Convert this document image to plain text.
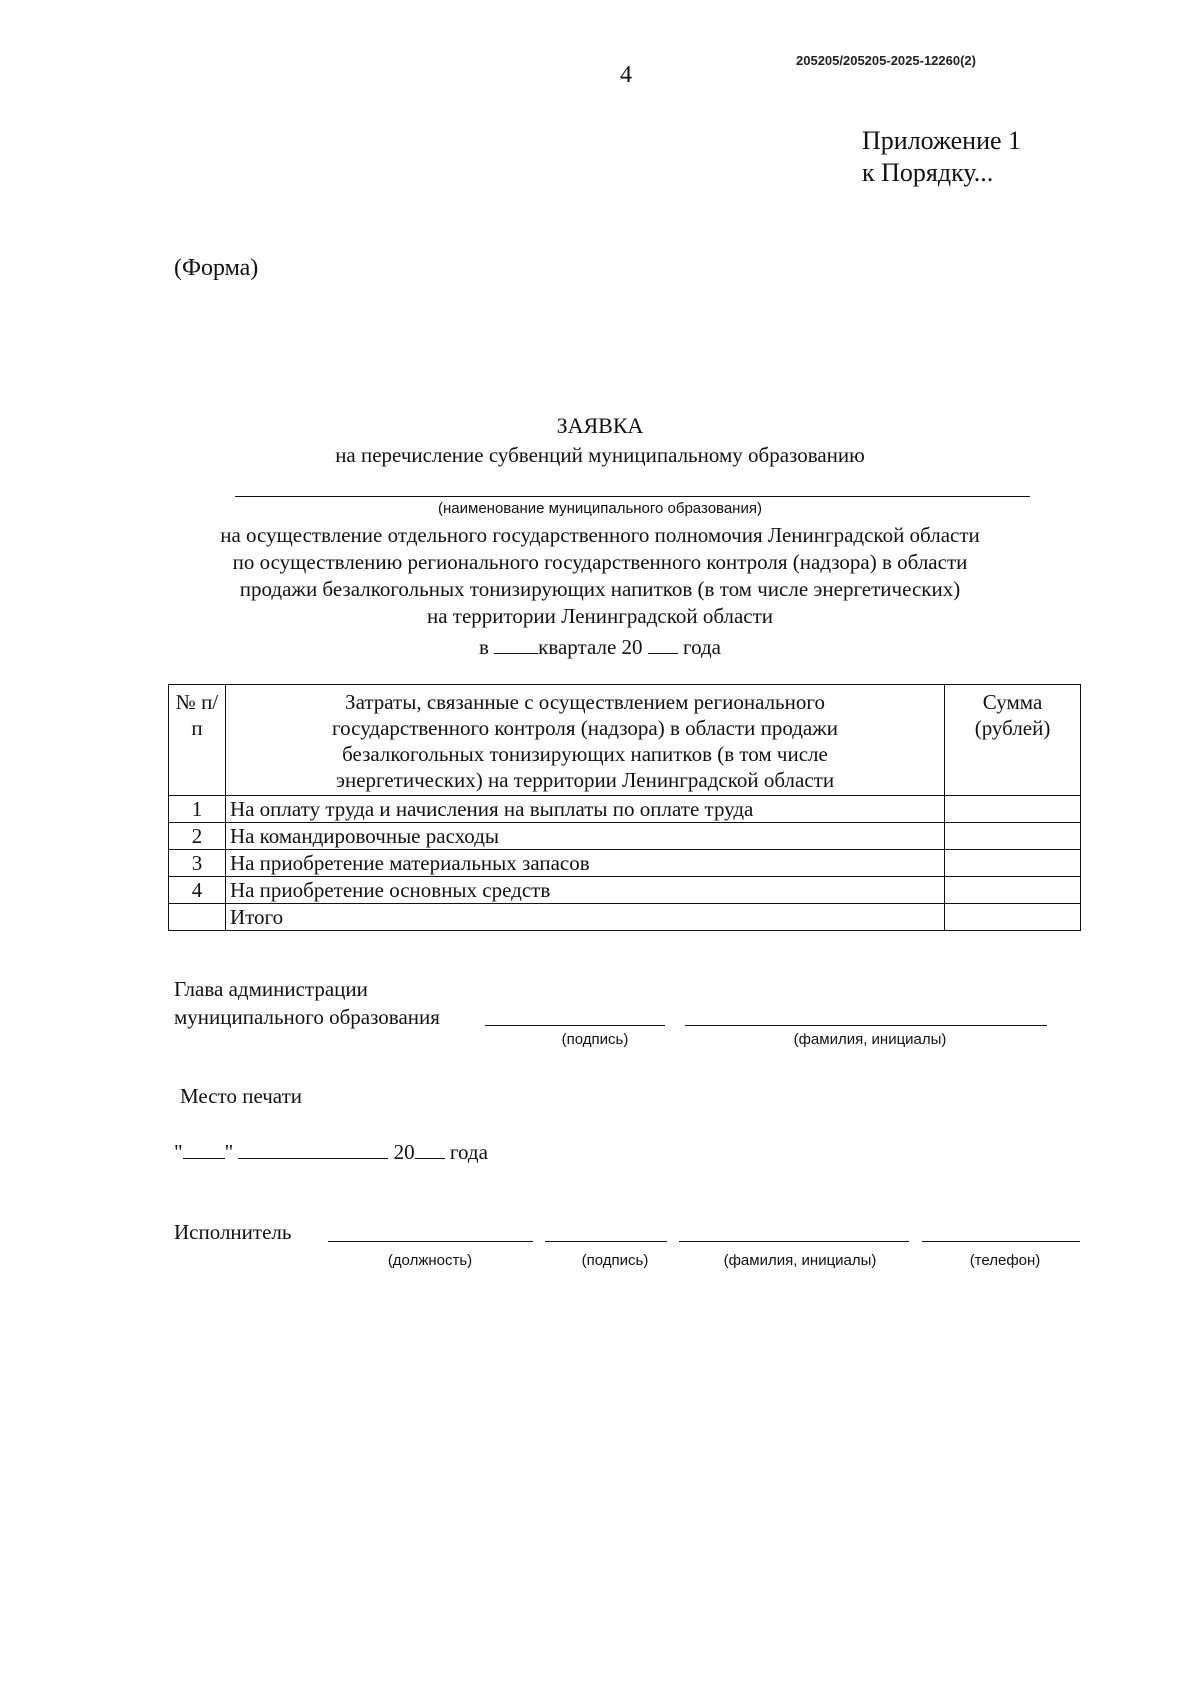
205205/205205-2025-12260(2)
4
Приложение 1
к Порядку...
(Форма)
ЗАЯВКА
на перечисление субвенций муниципальному образованию
(наименование муниципального образования)
на осуществление отдельного государственного полномочия Ленинградской области
по осуществлению регионального государственного контроля (надзора) в области
продажи безалкогольных тонизирующих напитков (в том числе энергетических)
на территории Ленинградской области
в квартале 20 года
№ п/п	Затраты, связанные с осуществлением регионального государственного контроля (надзора) в области продажи безалкогольных тонизирующих напитков (в том числе энергетических) на территории Ленинградской области	Сумма (рублей)
1	На оплату труда и начисления на выплаты по оплате труда	
2	На командировочные расходы	
3	На приобретение материальных запасов	
4	На приобретение основных средств	
	Итого	
Глава администрации
муниципального образования
(подпись)	(фамилия, инициалы)
Место печати
" "	20 года
Исполнитель
(должность)	(подпись)	(фамилия, инициалы)	(телефон)
